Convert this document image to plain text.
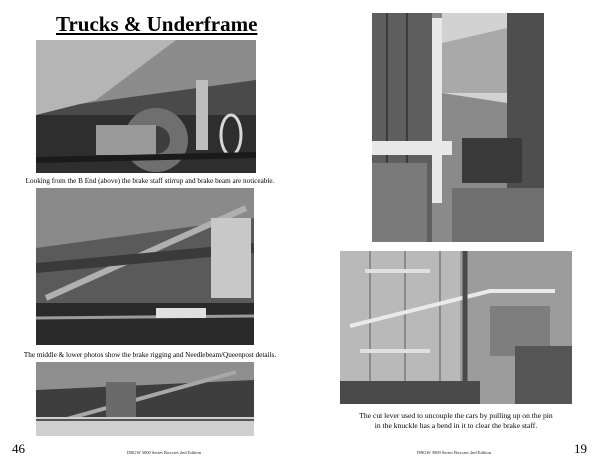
Trucks & Underframe
Looking from the B End (above) the brake staff stirrup and brake beam are noticeable.
The middle & lower photos show the brake rigging and Needlebeam/Queenpost details.
46	DRGW 3000 Series Boxcars 2nd Edition
The cut lever used to uncouple the cars by pulling up on the pin
in the knuckle has a bend in it to clear the brake staff.
DRGW 3000 Series Boxcars 2nd Edition	19
